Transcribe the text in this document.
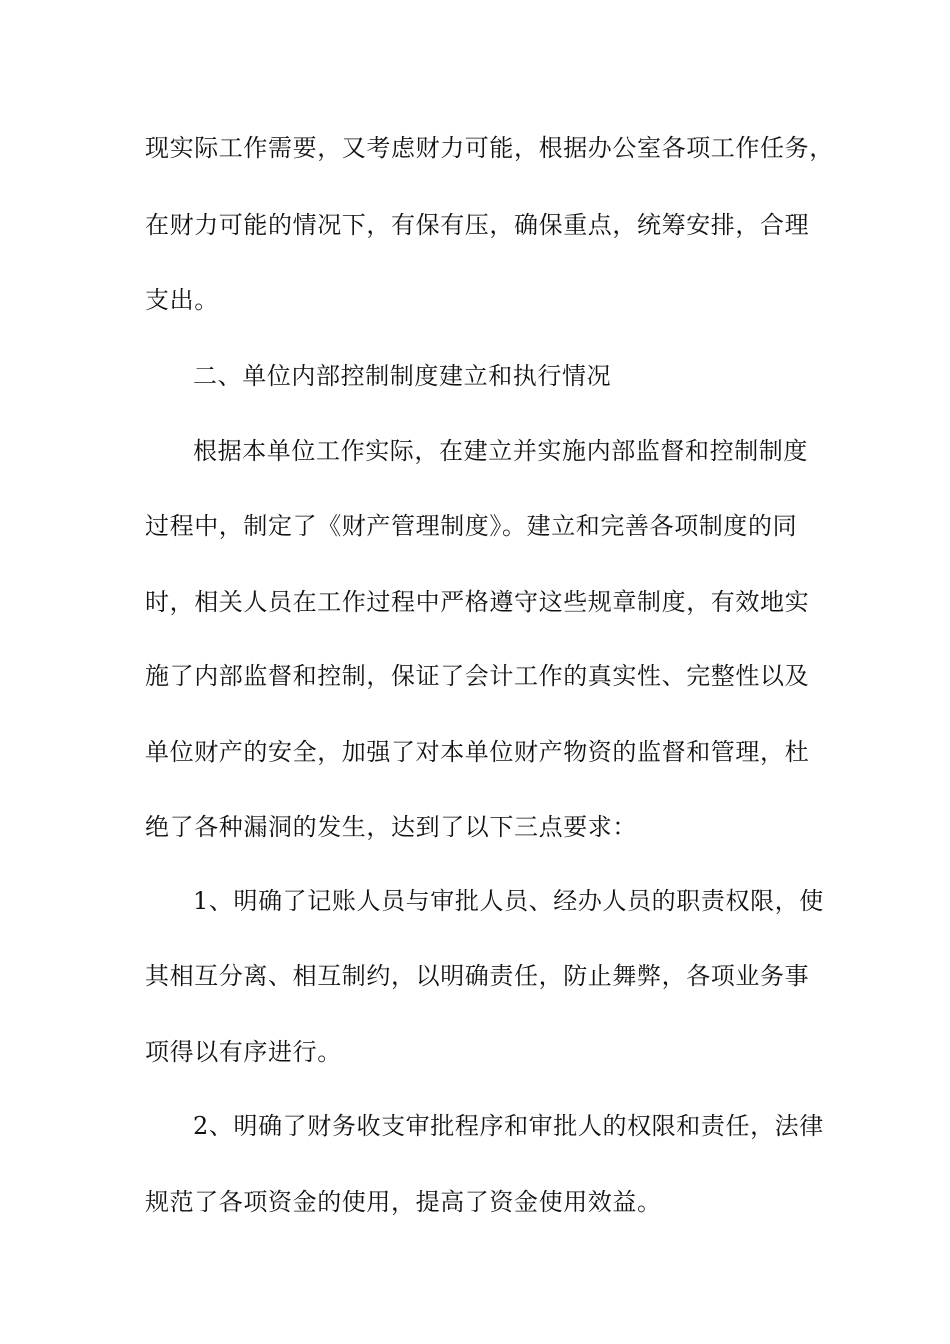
现实际工作需要，又考虑财力可能，根据办公室各项工作任务，
在财力可能的情况下，有保有压，确保重点，统筹安排，合理
支出。
二、单位内部控制制度建立和执行情况
根据本单位工作实际，在建立并实施内部监督和控制制度
过程中，制定了《财产管理制度》。建立和完善各项制度的同
时，相关人员在工作过程中严格遵守这些规章制度，有效地实
施了内部监督和控制，保证了会计工作的真实性、完整性以及
单位财产的安全，加强了对本单位财产物资的监督和管理，杜
绝了各种漏洞的发生，达到了以下三点要求：
1、明确了记账人员与审批人员、经办人员的职责权限，使
其相互分离、相互制约，以明确责任，防止舞弊，各项业务事
项得以有序进行。
2、明确了财务收支审批程序和审批人的权限和责任，法律
规范了各项资金的使用，提高了资金使用效益。
